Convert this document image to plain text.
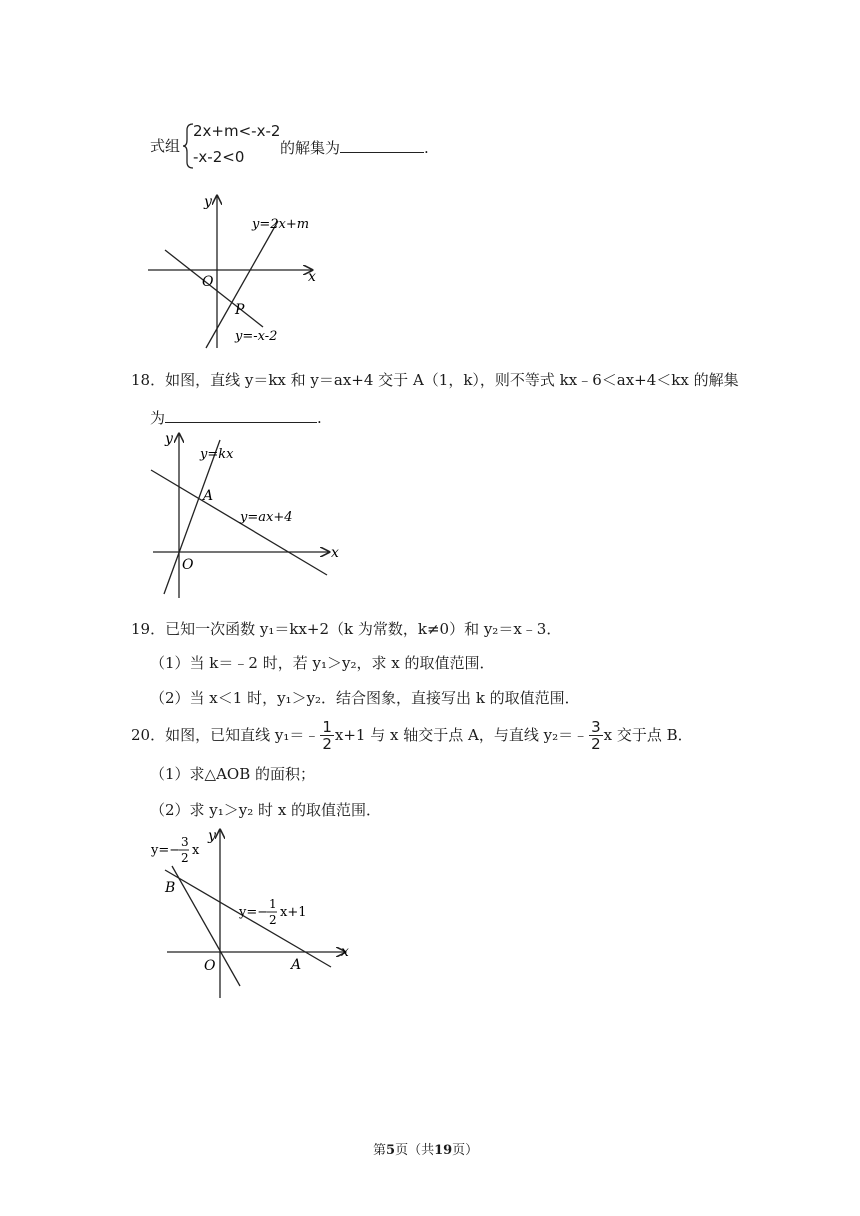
式组
2x+m<-x-2
-x-2<0 的解集为	.
y
x
O
P
y=2x+m
y=-x-2
18．如图，直线 y＝kx 和 y＝ax+4 交于 A（1，k），则不等式 kx﹣6＜ax+4＜kx 的解集
为	.
y
x
O
A
y=kx
y=ax+4
19．已知一次函数 y₁＝kx+2（k 为常数，k≠0）和 y₂＝x﹣3．
（1）当 k＝﹣2 时，若 y₁＞y₂，求 x 的取值范围．
（2）当 x＜1 时，y₁＞y₂．结合图象，直接写出 k 的取值范围．
20 ．如图，已知直线 y₁＝﹣ $\frac{1}{2} x+1$ 与 x 轴交于点 A，与直线 y₂＝﹣ $\frac{3}{2}$ x 交于点 B．
（1）求△AOB 的面积；
（2）求 y₁＞y₂ 时 x 的取值范围．
y
x
O	A
B
y=−
3
2 x
y=−
1
2 x+1
第5页（共19页）
